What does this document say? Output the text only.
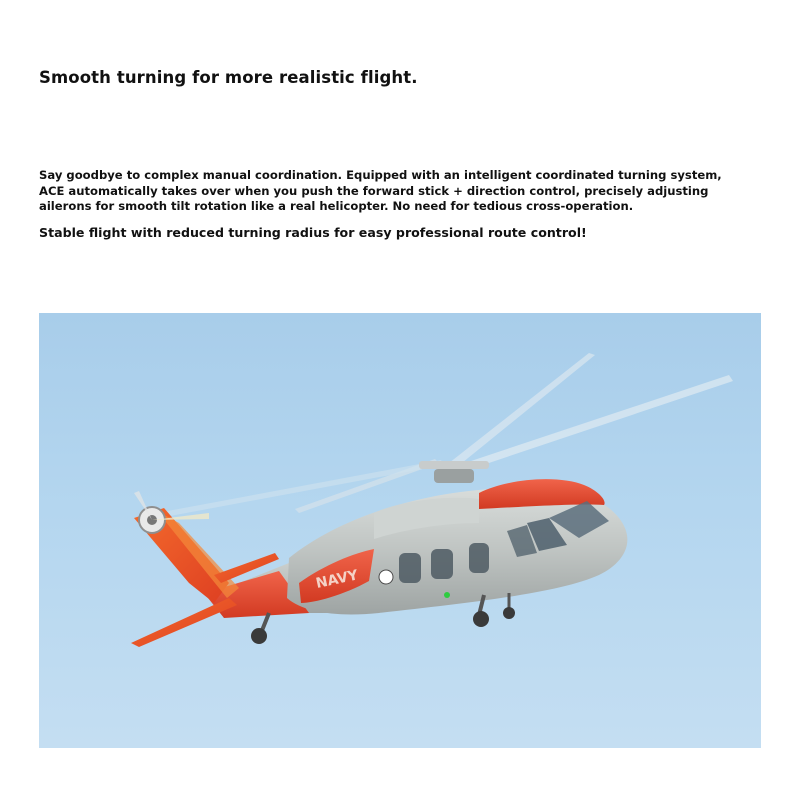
Smooth turning for more realistic flight.

Say goodbye to complex manual coordination. Equipped with an intelligent coordinated turning system, ACE automatically takes over when you push the forward stick + direction control, precisely adjusting ailerons for smooth tilt rotation like a real helicopter. No need for tedious cross-operation.

Stable flight with reduced turning radius for easy professional route control!

NAVY
